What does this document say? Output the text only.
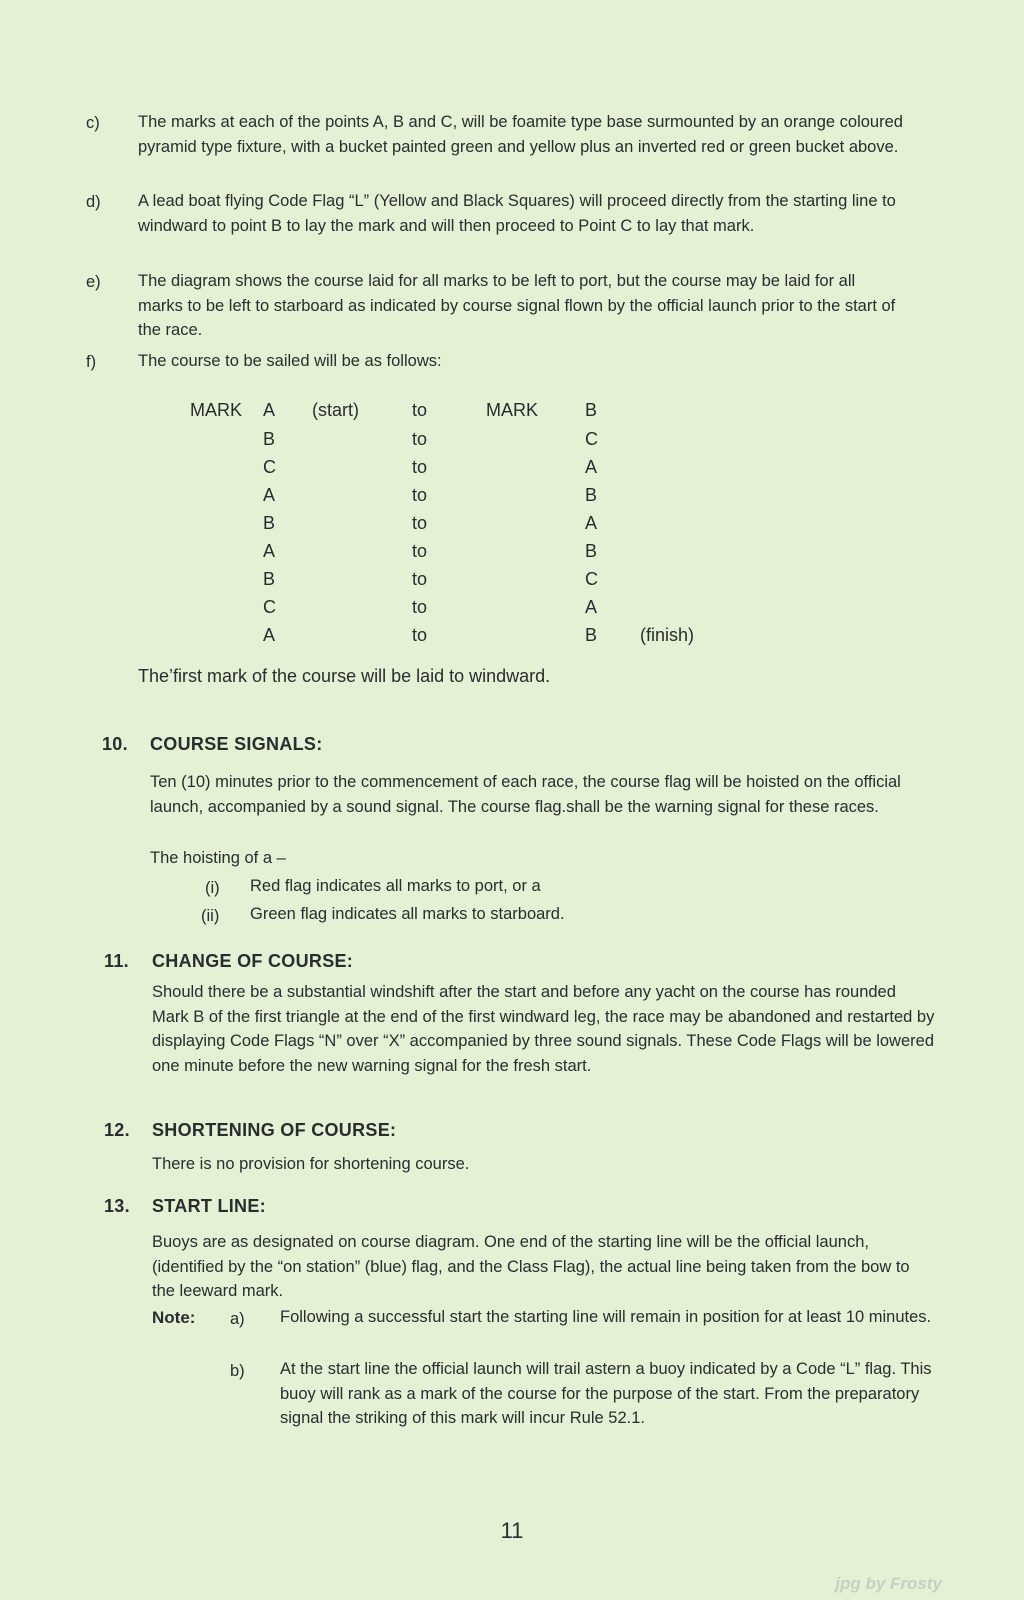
c) The marks at each of the points A, B and C, will be foamite type base surmounted by an orange coloured pyramid type fixture, with a bucket painted green and yellow plus an inverted red or green bucket above.
d) A lead boat flying Code Flag “L” (Yellow and Black Squares) will proceed directly from the starting line to windward to point B to lay the mark and will then proceed to Point C to lay that mark.
e) The diagram shows the course laid for all marks to be left to port, but the course may be laid for all marks to be left to starboard as indicated by course signal flown by the official launch prior to the start of the race.
f)	The course to be sailed will be as follows:
MARK A (start)	to	MARK	B
B	to	C
C	to	A
A	to	B
B	to	A
A	to	B
B	to	C
C	to	A
A	to	B (finish)
The’first mark of the course will be laid to windward.
10. COURSE SIGNALS:
Ten (10) minutes prior to the commencement of each race, the course flag will be hoisted on the official launch, accompanied by a sound signal. The course flag.shall be the warning signal for these races.
The hoisting of a –
(i) Red flag indicates all marks to port, or a
(ii) Green flag indicates all marks to starboard.
11. CHANGE OF COURSE:
Should there be a substantial windshift after the start and before any yacht on the course has rounded Mark B of the first triangle at the end of the first windward leg, the race may be abandoned and restarted by displaying Code Flags “N” over “X” accompanied by three sound signals. These Code Flags will be lowered one minute before the new warning signal for the fresh start.
12. SHORTENING OF COURSE:
There is no provision for shortening course.
13. START LINE:
Buoys are as designated on course diagram. One end of the starting line will be the official launch, (identified by the “on station” (blue) flag, and the Class Flag), the actual line being taken from the bow to the leeward mark.
Note: a) Following a successful start the starting line will remain in position for at least 10 minutes.
b) At the start line the official launch will trail astern a buoy indicated by a Code “L” flag. This buoy will rank as a mark of the course for the purpose of the start. From the preparatory signal the striking of this mark will incur Rule 52.1.
11
jpg by Frosty
